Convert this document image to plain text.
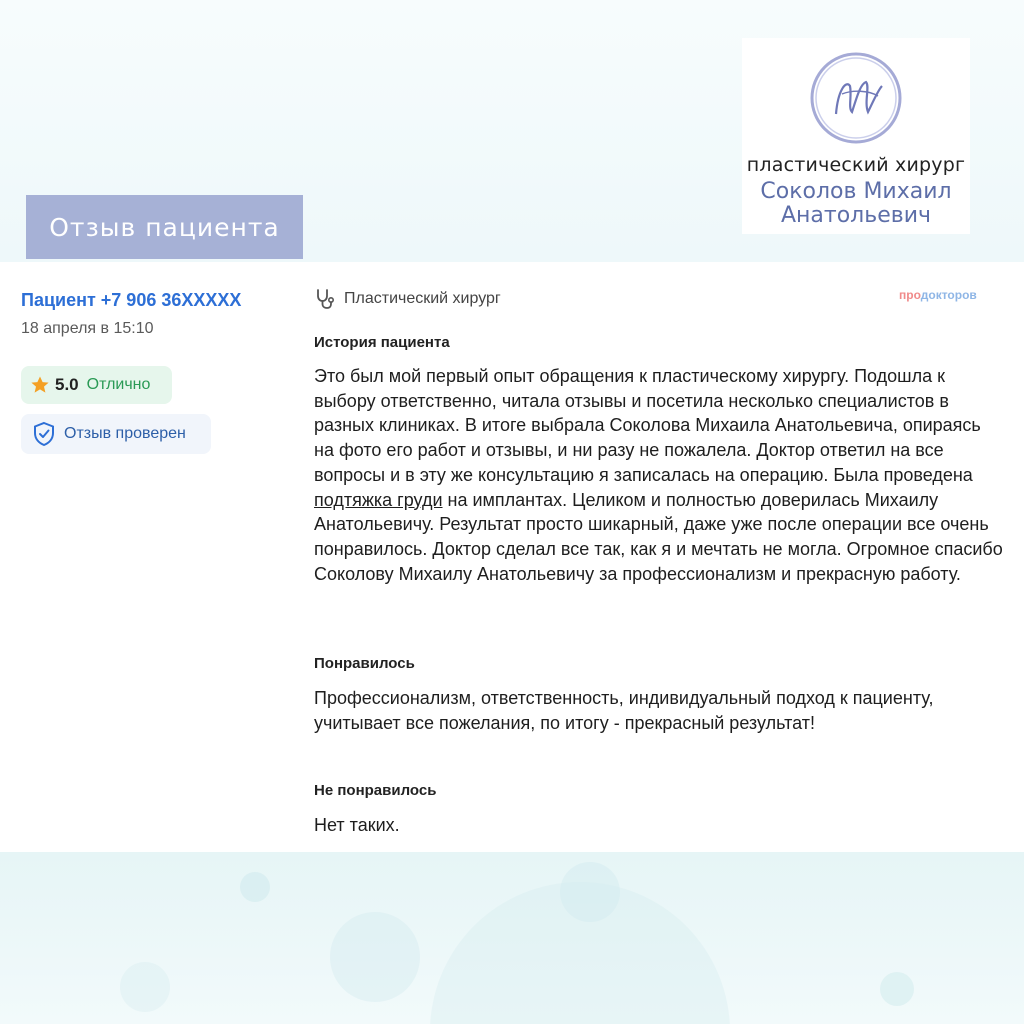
пластический хирург
Соколов Михаил
Анатольевич
Отзыв пациента
Пациент +7 906 36XXXXX
18 апреля в 15:10
5.0 Отлично
Отзыв проверен
Пластический хирург	продокторов
История пациента
Это был мой первый опыт обращения к пластическому хирургу. Подошла к выбору ответственно, читала отзывы и посетила несколько специалистов в разных клиниках. В итоге выбрала Соколова Михаила Анатольевича, опираясь на фото его работ и отзывы, и ни разу не пожалела. Доктор ответил на все вопросы и в эту же консультацию я записалась на операцию. Была проведена подтяжка груди на имплантах. Целиком и полностью доверилась Михаилу Анатольевичу. Результат просто шикарный, даже уже после операции все очень понравилось. Доктор сделал все так, как я и мечтать не могла. Огромное спасибо Соколову Михаилу Анатольевичу за профессионализм и прекрасную работу.
Понравилось
Профессионализм, ответственность, индивидуальный подход к пациенту, учитывает все пожелания, по итогу - прекрасный результат!
Не понравилось
Нет таких.
